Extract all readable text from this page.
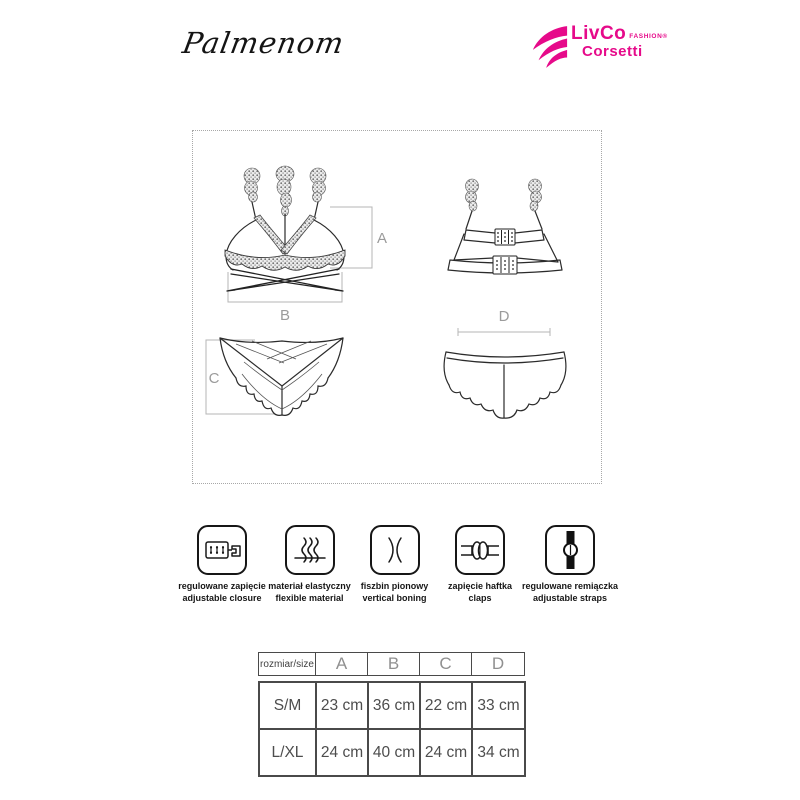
Palmenom	LivCo FASHION®
Corsetti
A
B
C
D
regulowane zapięcie
adjustable closure
materiał elastyczny
flexible material
fiszbin pionowy
vertical boning
zapięcie haftka
claps
regulowane remiączka
adjustable straps
rozmiar/size	A	B	C	D
S/M	23 cm	36 cm	22 cm	33 cm
L/XL	24 cm	40 cm	24 cm	34 cm
